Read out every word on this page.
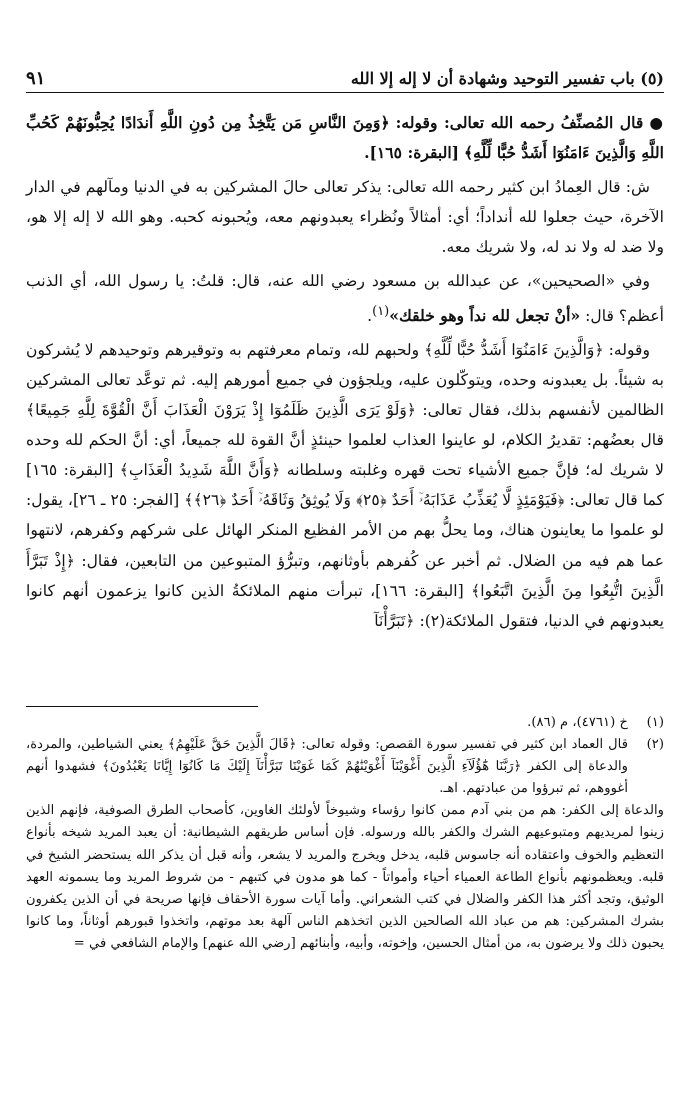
(٥) باب تفسير التوحيد وشهادة أن لا إله إلا الله
٩١

●قال المُصنِّفُ رحمه الله تعالى: وقوله: ﴿وَمِنَ النَّاسِ مَن يَتَّخِذُ مِن دُونِ اللَّهِ أَندَادًا يُحِبُّونَهُمْ كَحُبِّ اللَّهِ وَالَّذِينَ ءَامَنُوٓا أَشَدُّ حُبًّا لِّلَّهِ﴾ [البقرة: ١٦٥].

ش: قال العِمادُ ابن كثير رحمه الله تعالى: يذكر تعالى حالَ المشركين به في الدنيا ومآلهم في الدار الآخرة، حيث جعلوا لله أنداداً؛ أي: أمثالاً ونُظراء يعبدونهم معه، ويُحبونه كحبه. وهو الله لا إله إلا هو، ولا ضد له ولا ند له، ولا شريك معه.

وفي «الصحيحين»، عن عبدالله بن مسعود رضي الله عنه، قال: قلتُ: يا رسول الله، أي الذنب أعظم؟ قال: «أنْ تجعل لله نداً وهو خلقك»$^{(١)}$.

وقوله: ﴿وَالَّذِينَ ءَامَنُوٓا أَشَدُّ حُبًّا لِّلَّهِ﴾ ولحبهم لله، وتمام معرفتهم به وتوقيرهم وتوحيدهم لا يُشركون به شيئاً. بل يعبدونه وحده، ويتوكّلون عليه، ويلجؤون في جميع أمورهم إليه. ثم توعَّد تعالى المشركين الظالمين لأنفسهم بذلك، فقال تعالى: ﴿وَلَوْ يَرَى الَّذِينَ ظَلَمُوٓا إِذْ يَرَوْنَ الْعَذَابَ أَنَّ الْقُوَّةَ لِلَّهِ جَمِيعًا﴾ قال بعضُهم: تقديرُ الكلام، لو عاينوا العذاب لعلموا حينئذٍ أنَّ القوة لله جميعاً، أي: أنَّ الحكم لله وحده لا شريك له؛ فإنَّ جميع الأشياء تحت قهره وغلبته وسلطانه ﴿وَأَنَّ اللَّهَ شَدِيدُ الْعَذَابِ﴾ [البقرة: ١٦٥] كما قال تعالى: ﴿فَيَوْمَئِذٍ لَّا يُعَذِّبُ عَذَابَهُۥٓ أَحَدٌ ﴿٢٥﴾ وَلَا يُوثِقُ وَثَاقَهُۥٓ أَحَدٌ ﴿٢٦﴾﴾ [الفجر: ٢٥ ـ ٢٦]، يقول: لو علموا ما يعاينون هناك، وما يحلُّ بهم من الأمر الفظيع المنكر الهائل على شركهم وكفرهم، لانتهوا عما هم فيه من الضلال. ثم أخبر عن كُفرهم بأوثانهم، وتبرُّؤ المتبوعين من التابعين، فقال: ﴿إِذْ تَبَرَّأَ الَّذِينَ اتُّبِعُوا مِنَ الَّذِينَ اتَّبَعُوا﴾ [البقرة: ١٦٦]، تبرأت منهم الملائكةُ الذين كانوا يزعمون أنهم كانوا يعبدونهم في الدنيا، فتقول الملائكة(٢): ﴿تَبَرَّأْنَآ

(١)
خ (٤٧٦١)، م (٨٦).
(٢)
قال العماد ابن كثير في تفسير سورة القصص: وقوله تعالى: ﴿قَالَ الَّذِينَ حَقَّ عَلَيْهِمُ﴾ يعني الشياطين، والمردة، والدعاة إلى الكفر ﴿رَبَّنَا هَٰٓؤُلَآءِ الَّذِينَ أَغْوَيْنَآ أَغْوَيْنَٰهُمْ كَمَا غَوَيْنَا تَبَرَّأْنَآ إِلَيْكَ مَا كَانُوٓا إِيَّانَا يَعْبُدُونَ﴾ فشهدوا أنهم أغووهم، ثم تبرؤوا من عبادتهم. اهـ.

والدعاة إلى الكفر: هم من بني آدم ممن كانوا رؤساء وشيوخاً لأولئك الغاوين، كأصحاب الطرق الصوفية، فإنهم الذين زينوا لمريديهم ومتبوعيهم الشرك والكفر بالله ورسوله. فإن أساس طريقهم الشيطانية: أن يعبد المريد شيخه بأنواع التعظيم والخوف واعتقاده أنه جاسوس قلبه، يدخل ويخرج والمريد لا يشعر، وأنه قبل أن يذكر الله يستحضر الشيخ في قلبه. ويعظمونهم بأنواع الطاعة العمياء أحياء وأمواتاً - كما هو مدون في كتبهم - من شروط المريد وما يسمونه العهد الوثيق، وتجد أكثر هذا الكفر والضلال في كتب الشعراني. وأما آيات سورة الأحقاف فإنها صريحة في أن الذين يكفرون بشرك المشركين: هم من عباد الله الصالحين الذين اتخذهم الناس آلهة بعد موتهم، واتخذوا قبورهم أوثاناً، وما كانوا يحبون ذلك ولا يرضون به، من أمثال الحسين، وإخوته، وأبيه، وأبنائهم [رضي الله عنهم] والإمام الشافعي في =
